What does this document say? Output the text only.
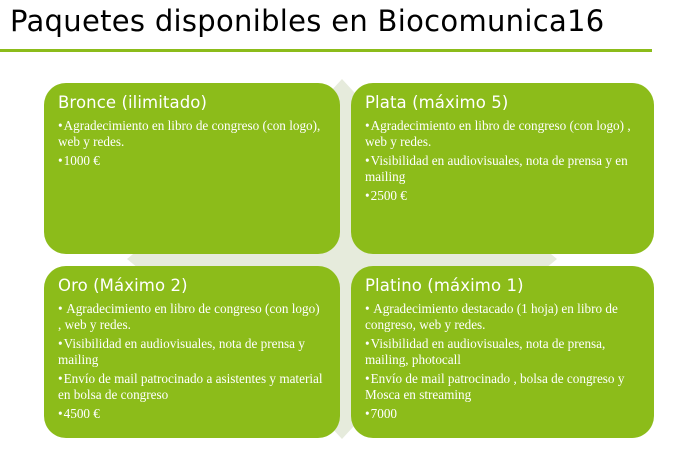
Paquetes disponibles en Biocomunica16
Bronce (ilimitado)
• Agradecimiento en libro de congreso (con logo), web y redes.
• 1000 €
Plata (máximo 5)
• Agradecimiento en libro de congreso (con logo) , web y redes.
• Visibilidad en audiovisuales, nota de prensa y en mailing
• 2500 €
Oro (Máximo 2)
• Agradecimiento en libro de congreso (con logo) , web y redes.
• Visibilidad en audiovisuales, nota de prensa y mailing
• Envío de mail patrocinado a asistentes y material en bolsa de congreso
• 4500 €
Platino (máximo 1)
• Agradecimiento destacado (1 hoja) en libro de congreso, web y redes.
• Visibilidad en audiovisuales, nota de prensa, mailing, photocall
• Envío de mail patrocinado , bolsa de congreso y Mosca en streaming
• 7000
